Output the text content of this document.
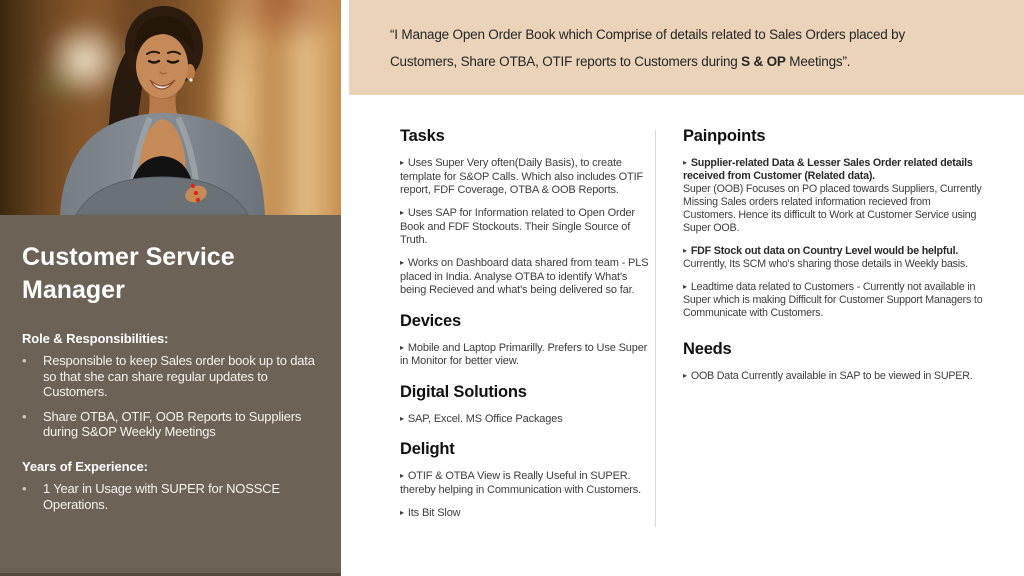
Customer Service Manager
Role & Responsibilities:
•	Responsible to keep Sales order book up to data so that she can share regular updates to Customers.
•	Share OTBA, OTIF, OOB Reports to Suppliers during S&OP Weekly Meetings
Years of Experience:
•	1 Year in Usage with SUPER for NOSSCE Operations.

“I Manage Open Order Book which Comprise of details related to Sales Orders placed by Customers, Share OTBA, OTIF reports to Customers during S & OP Meetings”.

Tasks

▸ Uses Super Very often(Daily Basis), to create template for S&OP Calls. Which also includes OTIF report, FDF Coverage, OTBA & OOB Reports.

▸ Uses SAP for Information related to Open Order Book and FDF Stockouts. Their Single Source of Truth.

▸ Works on Dashboard data shared from team - PLS placed in India. Analyse OTBA to identify What's being Recieved and what's being delivered so far.

Devices

▸ Mobile and Laptop Primarilly. Prefers to Use Super in Monitor for better view.

Digital Solutions

▸ SAP, Excel. MS Office Packages

Delight

▸ OTIF & OTBA View is Really Useful in SUPER. thereby helping in Communication with Customers.

▸ Its Bit Slow

Painpoints

▸ Supplier-related Data & Lesser Sales Order related details received from Customer (Related data).
Super (OOB) Focuses on PO placed towards Suppliers, Currently Missing Sales orders related information recieved from Customers. Hence its difficult to Work at Customer Service using Super OOB.

▸ FDF Stock out data on Country Level would be helpful.
Currently, Its SCM who's sharing those details in Weekly basis.

▸ Leadtime data related to Customers - Currently not available in Super which is making Difficult for Customer Support Managers to Communicate with Customers.

Needs

▸ OOB Data Currently available in SAP to be viewed in SUPER.
